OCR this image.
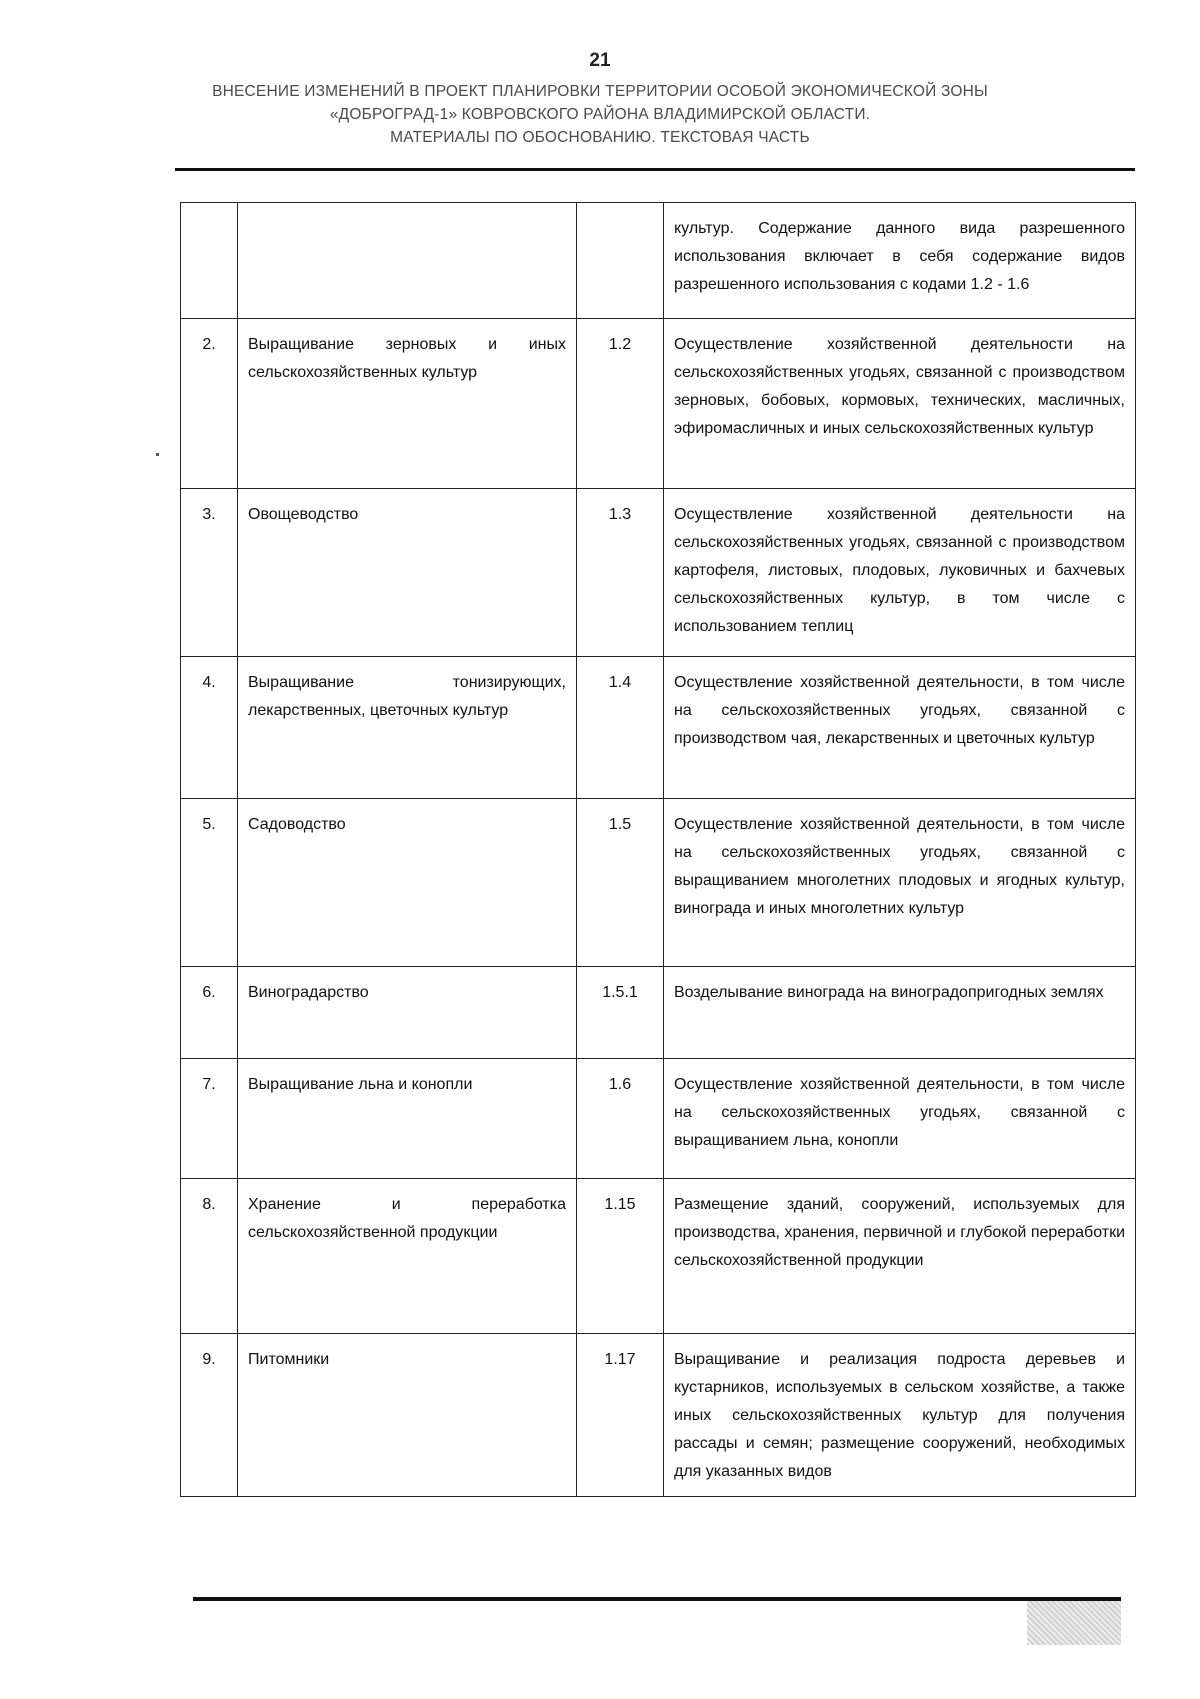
21
ВНЕСЕНИЕ ИЗМЕНЕНИЙ В ПРОЕКТ ПЛАНИРОВКИ ТЕРРИТОРИИ ОСОБОЙ ЭКОНОМИЧЕСКОЙ ЗОНЫ
«ДОБРОГРАД-1» КОВРОВСКОГО РАЙОНА ВЛАДИМИРСКОЙ ОБЛАСТИ.
МАТЕРИАЛЫ ПО ОБОСНОВАНИЮ. ТЕКСТОВАЯ ЧАСТЬ
			культур. Содержание данного вида разрешенного использования включает в себя содержание видов разрешенного использования с кодами 1.2 - 1.6
2.	Выращивание зерновых и иных сельскохозяйственных культур	1.2	Осуществление хозяйственной деятельности на сельскохозяйственных угодьях, связанной с производством зерновых, бобовых, кормовых, технических, масличных, эфиромасличных и иных сельскохозяйственных культур
3.	Овощеводство	1.3	Осуществление хозяйственной деятельности на сельскохозяйственных угодьях, связанной с производством картофеля, листовых, плодовых, луковичных и бахчевых сельскохозяйственных культур, в том числе с использованием теплиц
4.	Выращивание тонизирующих, лекарственных, цветочных культур	1.4	Осуществление хозяйственной деятельности, в том числе на сельскохозяйственных угодьях, связанной с производством чая, лекарственных и цветочных культур
5.	Садоводство	1.5	Осуществление хозяйственной деятельности, в том числе на сельскохозяйственных угодьях, связанной с выращиванием многолетних плодовых и ягодных культур, винограда и иных многолетних культур
6.	Виноградарство	1.5.1	Возделывание винограда на виноградопригодных землях
7.	Выращивание льна и конопли	1.6	Осуществление хозяйственной деятельности, в том числе на сельскохозяйственных угодьях, связанной с выращиванием льна, конопли
8.	Хранение и переработка сельскохозяйственной продукции	1.15	Размещение зданий, сооружений, используемых для производства, хранения, первичной и глубокой переработки сельскохозяйственной продукции
9.	Питомники	1.17	Выращивание и реализация подроста деревьев и кустарников, используемых в сельском хозяйстве, а также иных сельскохозяйственных культур для получения рассады и семян; размещение сооружений, необходимых для указанных видов
